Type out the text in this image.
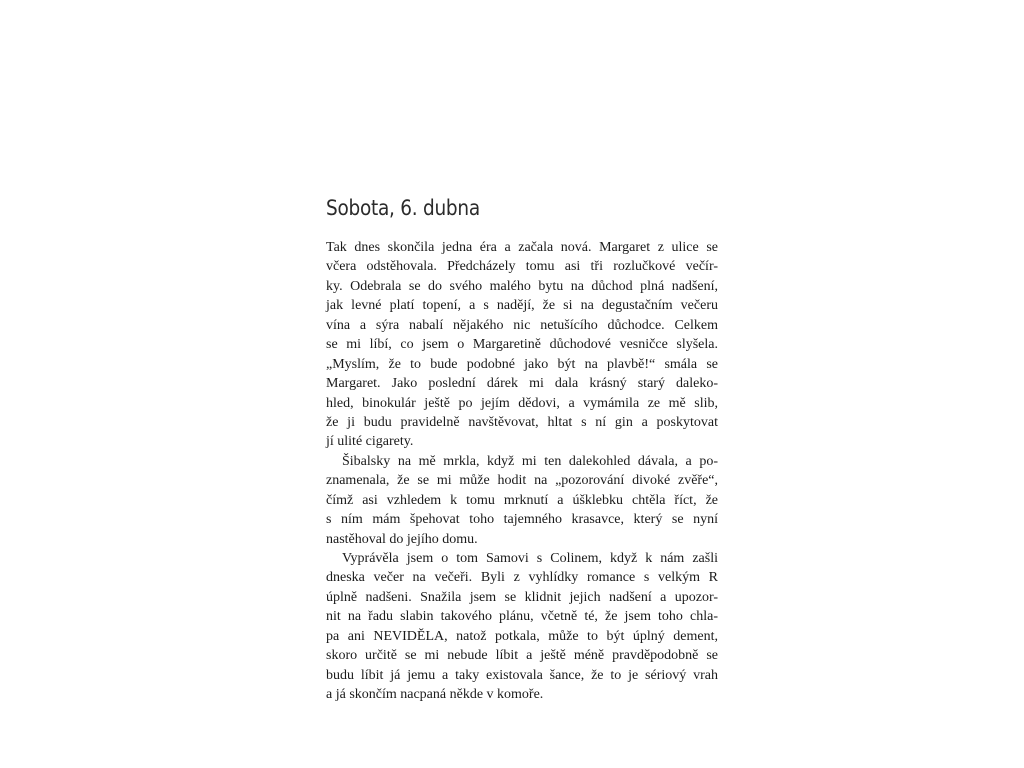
Sobota, 6. dubna
Tak dnes skončila jedna éra a začala nová. Margaret z ulice se
včera odstěhovala. Předcházely tomu asi tři rozlučkové večír-
ky. Odebrala se do svého malého bytu na důchod plná nadšení,
jak levné platí topení, a s nadějí, že si na degustačním večeru
vína a sýra nabalí nějakého nic netušícího důchodce. Celkem
se mi líbí, co jsem o Margaretině důchodové vesničce slyšela.
„Myslím, že to bude podobné jako být na plavbě!“ smála se
Margaret. Jako poslední dárek mi dala krásný starý daleko-
hled, binokulár ještě po jejím dědovi, a vymámila ze mě slib,
že ji budu pravidelně navštěvovat, hltat s ní gin a poskytovat
jí ulité cigarety.
Šibalsky na mě mrkla, když mi ten dalekohled dávala, a po-
znamenala, že se mi může hodit na „pozorování divoké zvěře“,
čímž asi vzhledem k tomu mrknutí a úšklebku chtěla říct, že
s ním mám špehovat toho tajemného krasavce, který se nyní
nastěhoval do jejího domu.
Vyprávěla jsem o tom Samovi s Colinem, když k nám zašli
dneska večer na večeři. Byli z vyhlídky romance s velkým R
úplně nadšeni. Snažila jsem se klidnit jejich nadšení a upozor-
nit na řadu slabin takového plánu, včetně té, že jsem toho chla-
pa ani NEVIDĚLA, natož potkala, může to být úplný dement,
skoro určitě se mi nebude líbit a ještě méně pravděpodobně se
budu líbit já jemu a taky existovala šance, že to je sériový vrah
a já skončím nacpaná někde v komoře.
